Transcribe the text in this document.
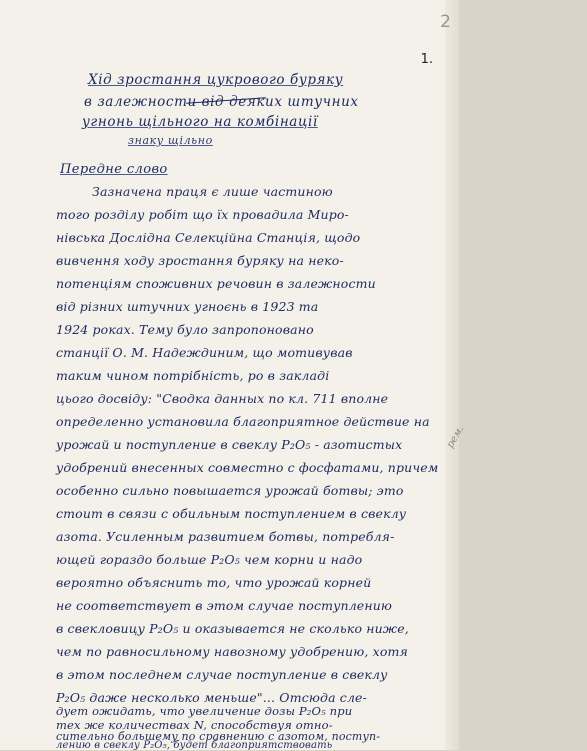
2
1.
рем.
Хід зростання цукрового буряку
в залежности від деяких штучних
угнонь щільного на комбінації
знаку щільно
Передне слово
Зазначена праця є лише частиною
того розділу робіт що їх провадила Миро-
нівська Дослідна Селекційна Станція, щодо
вивчення ходу зростання буряку на неко-
потенціям споживних речовин в залежности
від різних штучних угноєнь в 1923 та
1924 роках. Тему було запропоновано
станції О. М. Надеждиним, що мотивував
таким чином потрібність, ро в закладі
цього досвіду: "Сводка данных по кл. 711 вполне
определенно установила благоприятное действие на
урожай и поступление в свеклу P₂O₅ - азотистых
удобрений внесенных совместно с фосфатами, причем
особенно сильно повышается урожай ботвы; это
стоит в связи с обильным поступлением в свеклу
азота. Усиленным развитием ботвы, потребля-
ющей гораздо больше P₂O₅ чем корни и надо
вероятно объяснить то, что урожай корней
не соответствует в этом случае поступлению
в свекловицу P₂O₅ и оказывается не сколько ниже,
чем по равносильному навозному удобрению, хотя
в этом последнем случае поступление в свеклу
P₂O₅ даже несколько меньше"... Отсюда сле-
дует ожидать, что увеличение дозы P₂O₅ при
тех же количествах N, способствуя отно-
сительно большему по сравнению с азотом, поступ-
лению в свеклу P₂O₅, будет благоприятствовать
